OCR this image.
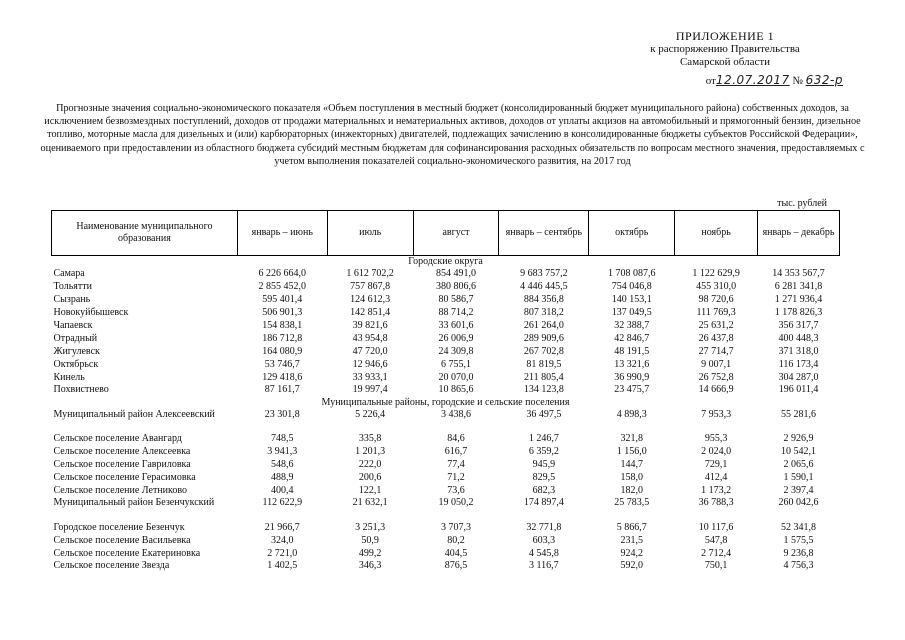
ПРИЛОЖЕНИЕ 1
к распоряжению Правительства
Самарской области
от12.07.2017 № 632-р
Прогнозные значения социально-экономического показателя «Объем поступления в местный бюджет (консолидированный бюджет муниципального района) собственных доходов, за исключением безвозмездных поступлений, доходов от продажи материальных и нематериальных активов, доходов от уплаты акцизов на автомобильный и прямогонный бензин, дизельное топливо, моторные масла для дизельных и (или) карбюраторных (инжекторных) двигателей, подлежащих зачислению в консолидированные бюджеты субъектов Российской Федерации», оцениваемого при предоставлении из областного бюджета субсидий местным бюджетам для софинансирования расходных обязательств по вопросам местного значения, предоставляемых с учетом выполнения показателей социально-экономического развития, на 2017 год
тыс. рублей
Наименование муниципального образования	январь – июнь	июль	август	январь – сентябрь	октябрь	ноябрь	январь – декабрь
Городские округа							
Самара	6 226 664,0	1 612 702,2	854 491,0	9 683 757,2	1 708 087,6	1 122 629,9	14 353 567,7
Тольятти	2 855 452,0	757 867,8	380 806,6	4 446 445,5	754 046,8	455 310,0	6 281 341,8
Сызрань	595 401,4	124 612,3	80 586,7	884 356,8	140 153,1	98 720,6	1 271 936,4
Новокуйбышевск	506 901,3	142 851,4	88 714,2	807 318,2	137 049,5	111 769,3	1 178 826,3
Чапаевск	154 838,1	39 821,6	33 601,6	261 264,0	32 388,7	25 631,2	356 317,7
Отрадный	186 712,8	43 954,8	26 006,9	289 909,6	42 846,7	26 437,8	400 448,3
Жигулевск	164 080,9	47 720,0	24 309,8	267 702,8	48 191,5	27 714,7	371 318,0
Октябрьск	53 746,7	12 946,6	6 755,1	81 819,5	13 321,6	9 007,1	116 173,4
Кинель	129 418,6	33 933,1	20 070,0	211 805,4	36 990,9	26 752,8	304 287,0
Похвистнево	87 161,7	19 997,4	10 865,6	134 123,8	23 475,7	14 666,9	196 011,4
Муниципальные районы, городские и сельские поселения							
Муниципальный район Алексеевский	23 301,8	5 226,4	3 438,6	36 497,5	4 898,3	7 953,3	55 281,6
Сельское поселение Авангард	748,5	335,8	84,6	1 246,7	321,8	955,3	2 926,9
Сельское поселение Алексеевка	3 941,3	1 201,3	616,7	6 359,2	1 156,0	2 024,0	10 542,1
Сельское поселение Гавриловка	548,6	222,0	77,4	945,9	144,7	729,1	2 065,6
Сельское поселение Герасимовка	488,9	200,6	71,2	829,5	158,0	412,4	1 590,1
Сельское поселение Летниково	400,4	122,1	73,6	682,3	182,0	1 173,2	2 397,4
Муниципальный район Безенчукский	112 622,9	21 632,1	19 050,2	174 897,4	25 783,5	36 788,3	260 042,6
Городское поселение Безенчук	21 966,7	3 251,3	3 707,3	32 771,8	5 866,7	10 117,6	52 341,8
Сельское поселение Васильевка	324,0	50,9	80,2	603,3	231,5	547,8	1 575,5
Сельское поселение Екатериновка	2 721,0	499,2	404,5	4 545,8	924,2	2 712,4	9 236,8
Сельское поселение Звезда	1 402,5	346,3	876,5	3 116,7	592,0	750,1	4 756,3
